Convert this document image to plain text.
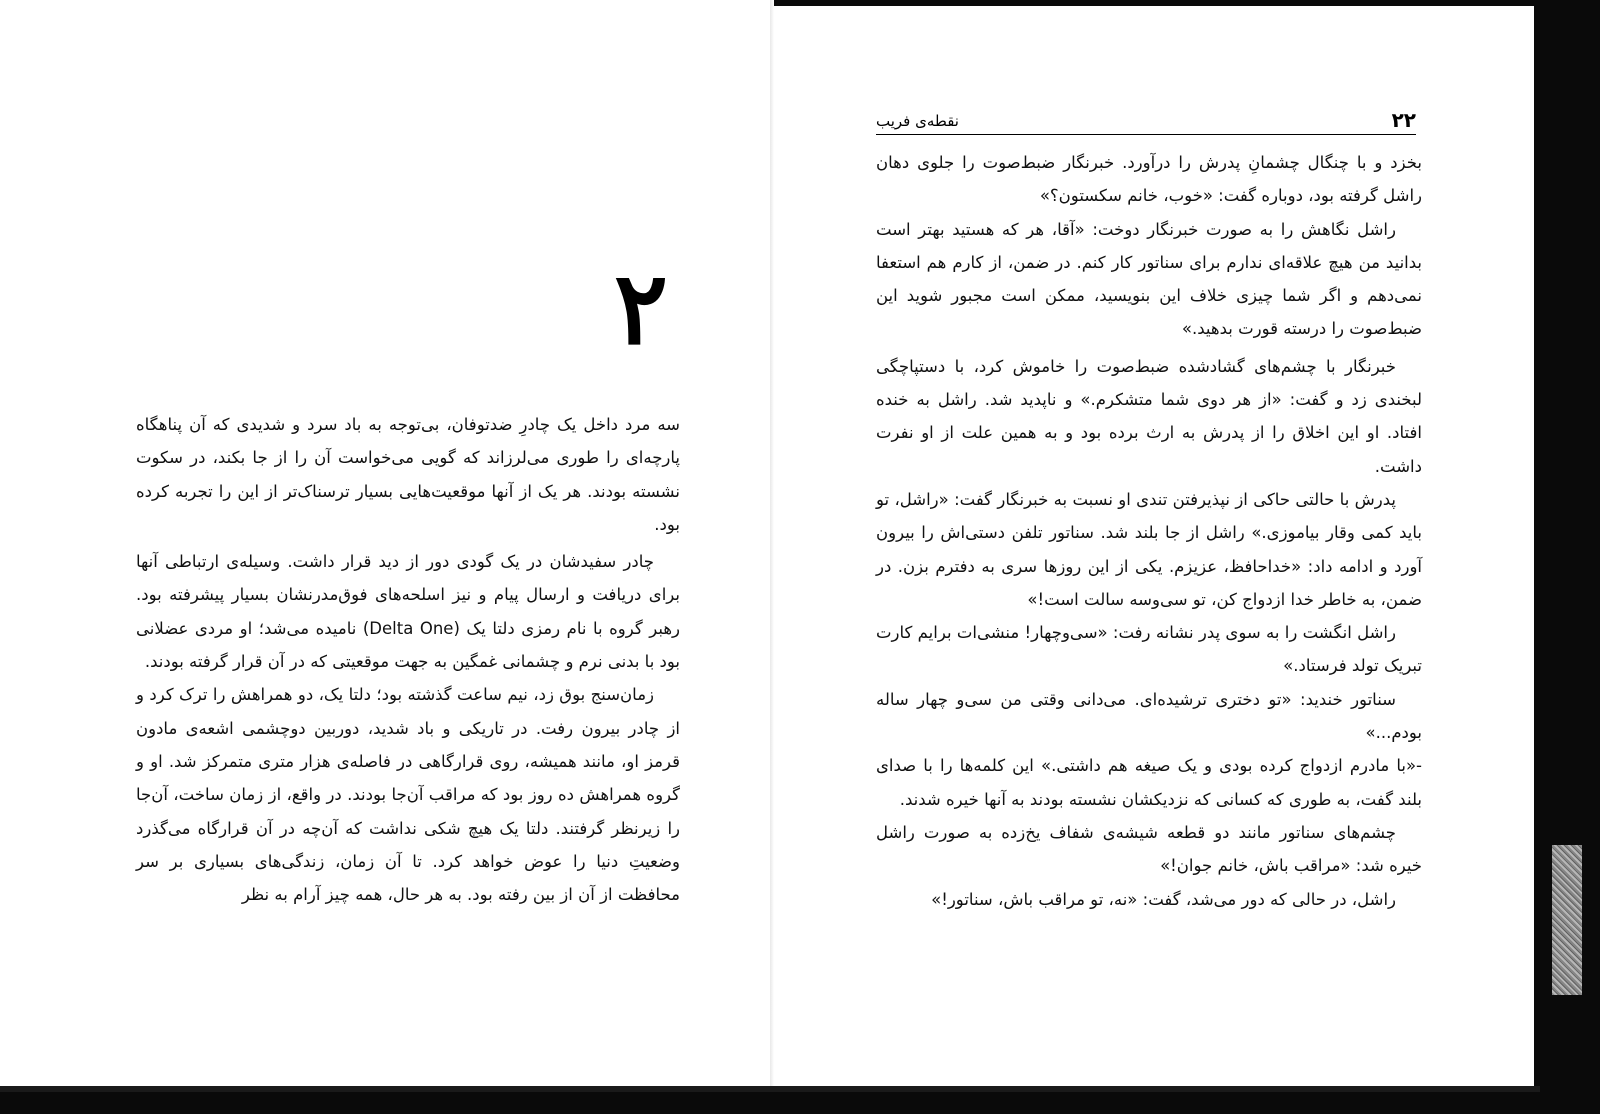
۲۲
نقطه‌ی فریب
۲

سه مرد داخل یک چادرِ ضدتوفان، بی‌توجه به باد سرد و شدیدی که آن پناهگاه پارچه‌ای را طوری می‌لرزاند که گویی می‌خواست آن را از جا بکند، در سکوت نشسته بودند. هر یک از آنها موقعیت‌هایی بسیار ترسناک‌تر از این را تجربه کرده بود.

چادر سفیدشان در یک گودی دور از دید قرار داشت. وسیله‌ی ارتباطی آنها برای دریافت و ارسال پیام و نیز اسلحه‌های فوق‌مدرنشان بسیار پیشرفته بود. رهبر گروه با نام رمزی دلتا یک (Delta One) نامیده می‌شد؛ او مردی عضلانی بود با بدنی نرم و چشمانی غمگین به جهت موقعیتی که در آن قرار گرفته بودند.

زمان‌سنج بوق زد، نیم ساعت گذشته بود؛ دلتا یک، دو همراهش را ترک کرد و از چادر بیرون رفت. در تاریکی و باد شدید، دوربین دوچشمی اشعه‌ی مادون قرمز او، مانند همیشه، روی قرارگاهی در فاصله‌ی هزار متری متمرکز شد. او و گروه همراهش ده روز بود که مراقب آن‌جا بودند. در واقع، از زمان ساخت، آن‌جا را زیرنظر گرفتند. دلتا یک هیچ شکی نداشت که آن‌چه در آن قرارگاه می‌گذرد وضعیتِ دنیا را عوض خواهد کرد. تا آن زمان، زندگی‌های بسیاری بر سر محافظت از آن از بین رفته بود. به هر حال، همه چیز آرام به نظر

بخزد و با چنگال چشمانِ پدرش را درآورد. خبرنگار ضبط‌صوت را جلوی دهان راشل گرفته بود، دوباره گفت: «خوب، خانم سکستون؟»

راشل نگاهش را به صورت خبرنگار دوخت: «آقا، هر که هستید بهتر است بدانید من هیچ علاقه‌ای ندارم برای سناتور کار کنم. در ضمن، از کارم هم استعفا نمی‌دهم و اگر شما چیزی خلاف این بنویسید، ممکن است مجبور شوید این ضبط‌صوت را درسته قورت بدهید.»

خبرنگار با چشم‌های گشادشده ضبط‌صوت را خاموش کرد، با دستپاچگی لبخندی زد و گفت: «از هر دوی شما متشکرم.» و ناپدید شد. راشل به خنده افتاد. او این اخلاق را از پدرش به ارث برده بود و به همین علت از او نفرت داشت.

پدرش با حالتی حاکی از نپذیرفتن تندی او نسبت به خبرنگار گفت: «راشل، تو باید کمی وقار بیاموزی.» راشل از جا بلند شد. سناتور تلفن دستی‌اش را بیرون آورد و ادامه داد: «خداحافظ، عزیزم. یکی از این روزها سری به دفترم بزن. در ضمن، به خاطر خدا ازدواج کن، تو سی‌وسه سالت است!»

راشل انگشت را به سوی پدر نشانه رفت: «سی‌وچهار! منشی‌ات برایم کارت تبریک تولد فرستاد.»

سناتور خندید: «تو دختری ترشیده‌ای. می‌دانی وقتی من سی‌و چهار ساله بودم...»

-«با مادرم ازدواج کرده بودی و یک صیغه هم داشتی.» این کلمه‌ها را با صدای بلند گفت، به طوری که کسانی که نزدیکشان نشسته بودند به آنها خیره شدند.

چشم‌های سناتور مانند دو قطعه شیشه‌ی شفاف یخ‌زده به صورت راشل خیره شد: «مراقب باش، خانم جوان!»

راشل، در حالی که دور می‌شد، گفت: «نه، تو مراقب باش، سناتور!»
